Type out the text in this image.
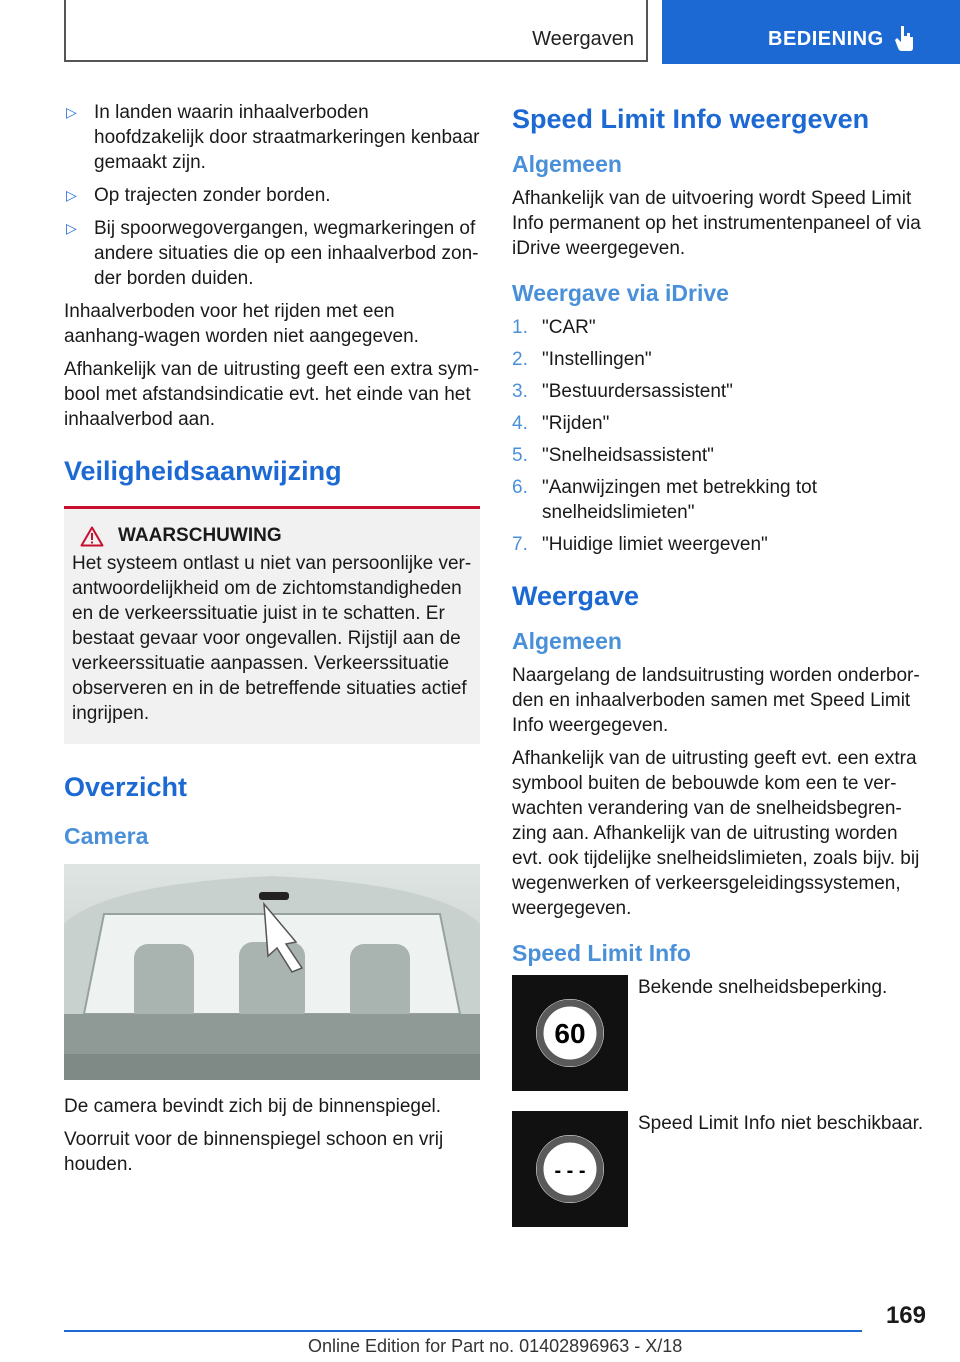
Weergaven	BEDIENING
▷ In landen waarin inhaalverboden hoofdzakelijk door straatmarkeringen kenbaar gemaakt zijn.
▷ Op trajecten zonder borden.
▷ Bij spoorwegovergangen, wegmarkeringen of andere situaties die op een inhaalverbod zon-der borden duiden.

Inhaalverboden voor het rijden met een aanhang-wagen worden niet aangegeven.

Afhankelijk van de uitrusting geeft een extra sym-bool met afstandsindicatie evt. het einde van het inhaalverbod aan.

Veiligheidsaanwijzing
WAARSCHUWING

Het systeem ontlast u niet van persoonlijke ver-antwoordelijkheid om de zichtomstandigheden en de verkeerssituatie juist in te schatten. Er bestaat gevaar voor ongevallen. Rijstijl aan de verkeerssituatie aanpassen. Verkeerssituatie observeren en in de betreffende situaties actief ingrijpen.

Overzicht
Camera

De camera bevindt zich bij de binnenspiegel.

Voorruit voor de binnenspiegel schoon en vrij houden.

Speed Limit Info weergeven
Algemeen

Afhankelijk van de uitvoering wordt Speed Limit Info permanent op het instrumentenpaneel of via iDrive weergegeven.

Weergave via iDrive
1. "CAR"
2. "Instellingen"
3. "Bestuurdersassistent"
4. "Rijden"
5. "Snelheidsassistent"
6. "Aanwijzingen met betrekking tot snelheidslimieten"
7. "Huidige limiet weergeven"
Weergave
Algemeen

Naargelang de landsuitrusting worden onderbor-den en inhaalverboden samen met Speed Limit Info weergegeven.

Afhankelijk van de uitrusting geeft evt. een extra symbool buiten de bebouwde kom een te ver-wachten verandering van de snelheidsbegren-zing aan. Afhankelijk van de uitrusting worden evt. ook tijdelijke snelheidslimieten, zoals bijv. bij wegenwerken of verkeersgeleidingssystemen, weergegeven.

Speed Limit Info
60
Bekende snelheidsbeperking.
- - -
Speed Limit Info niet beschikbaar.
169
Online Edition for Part no. 01402896963 - X/18
